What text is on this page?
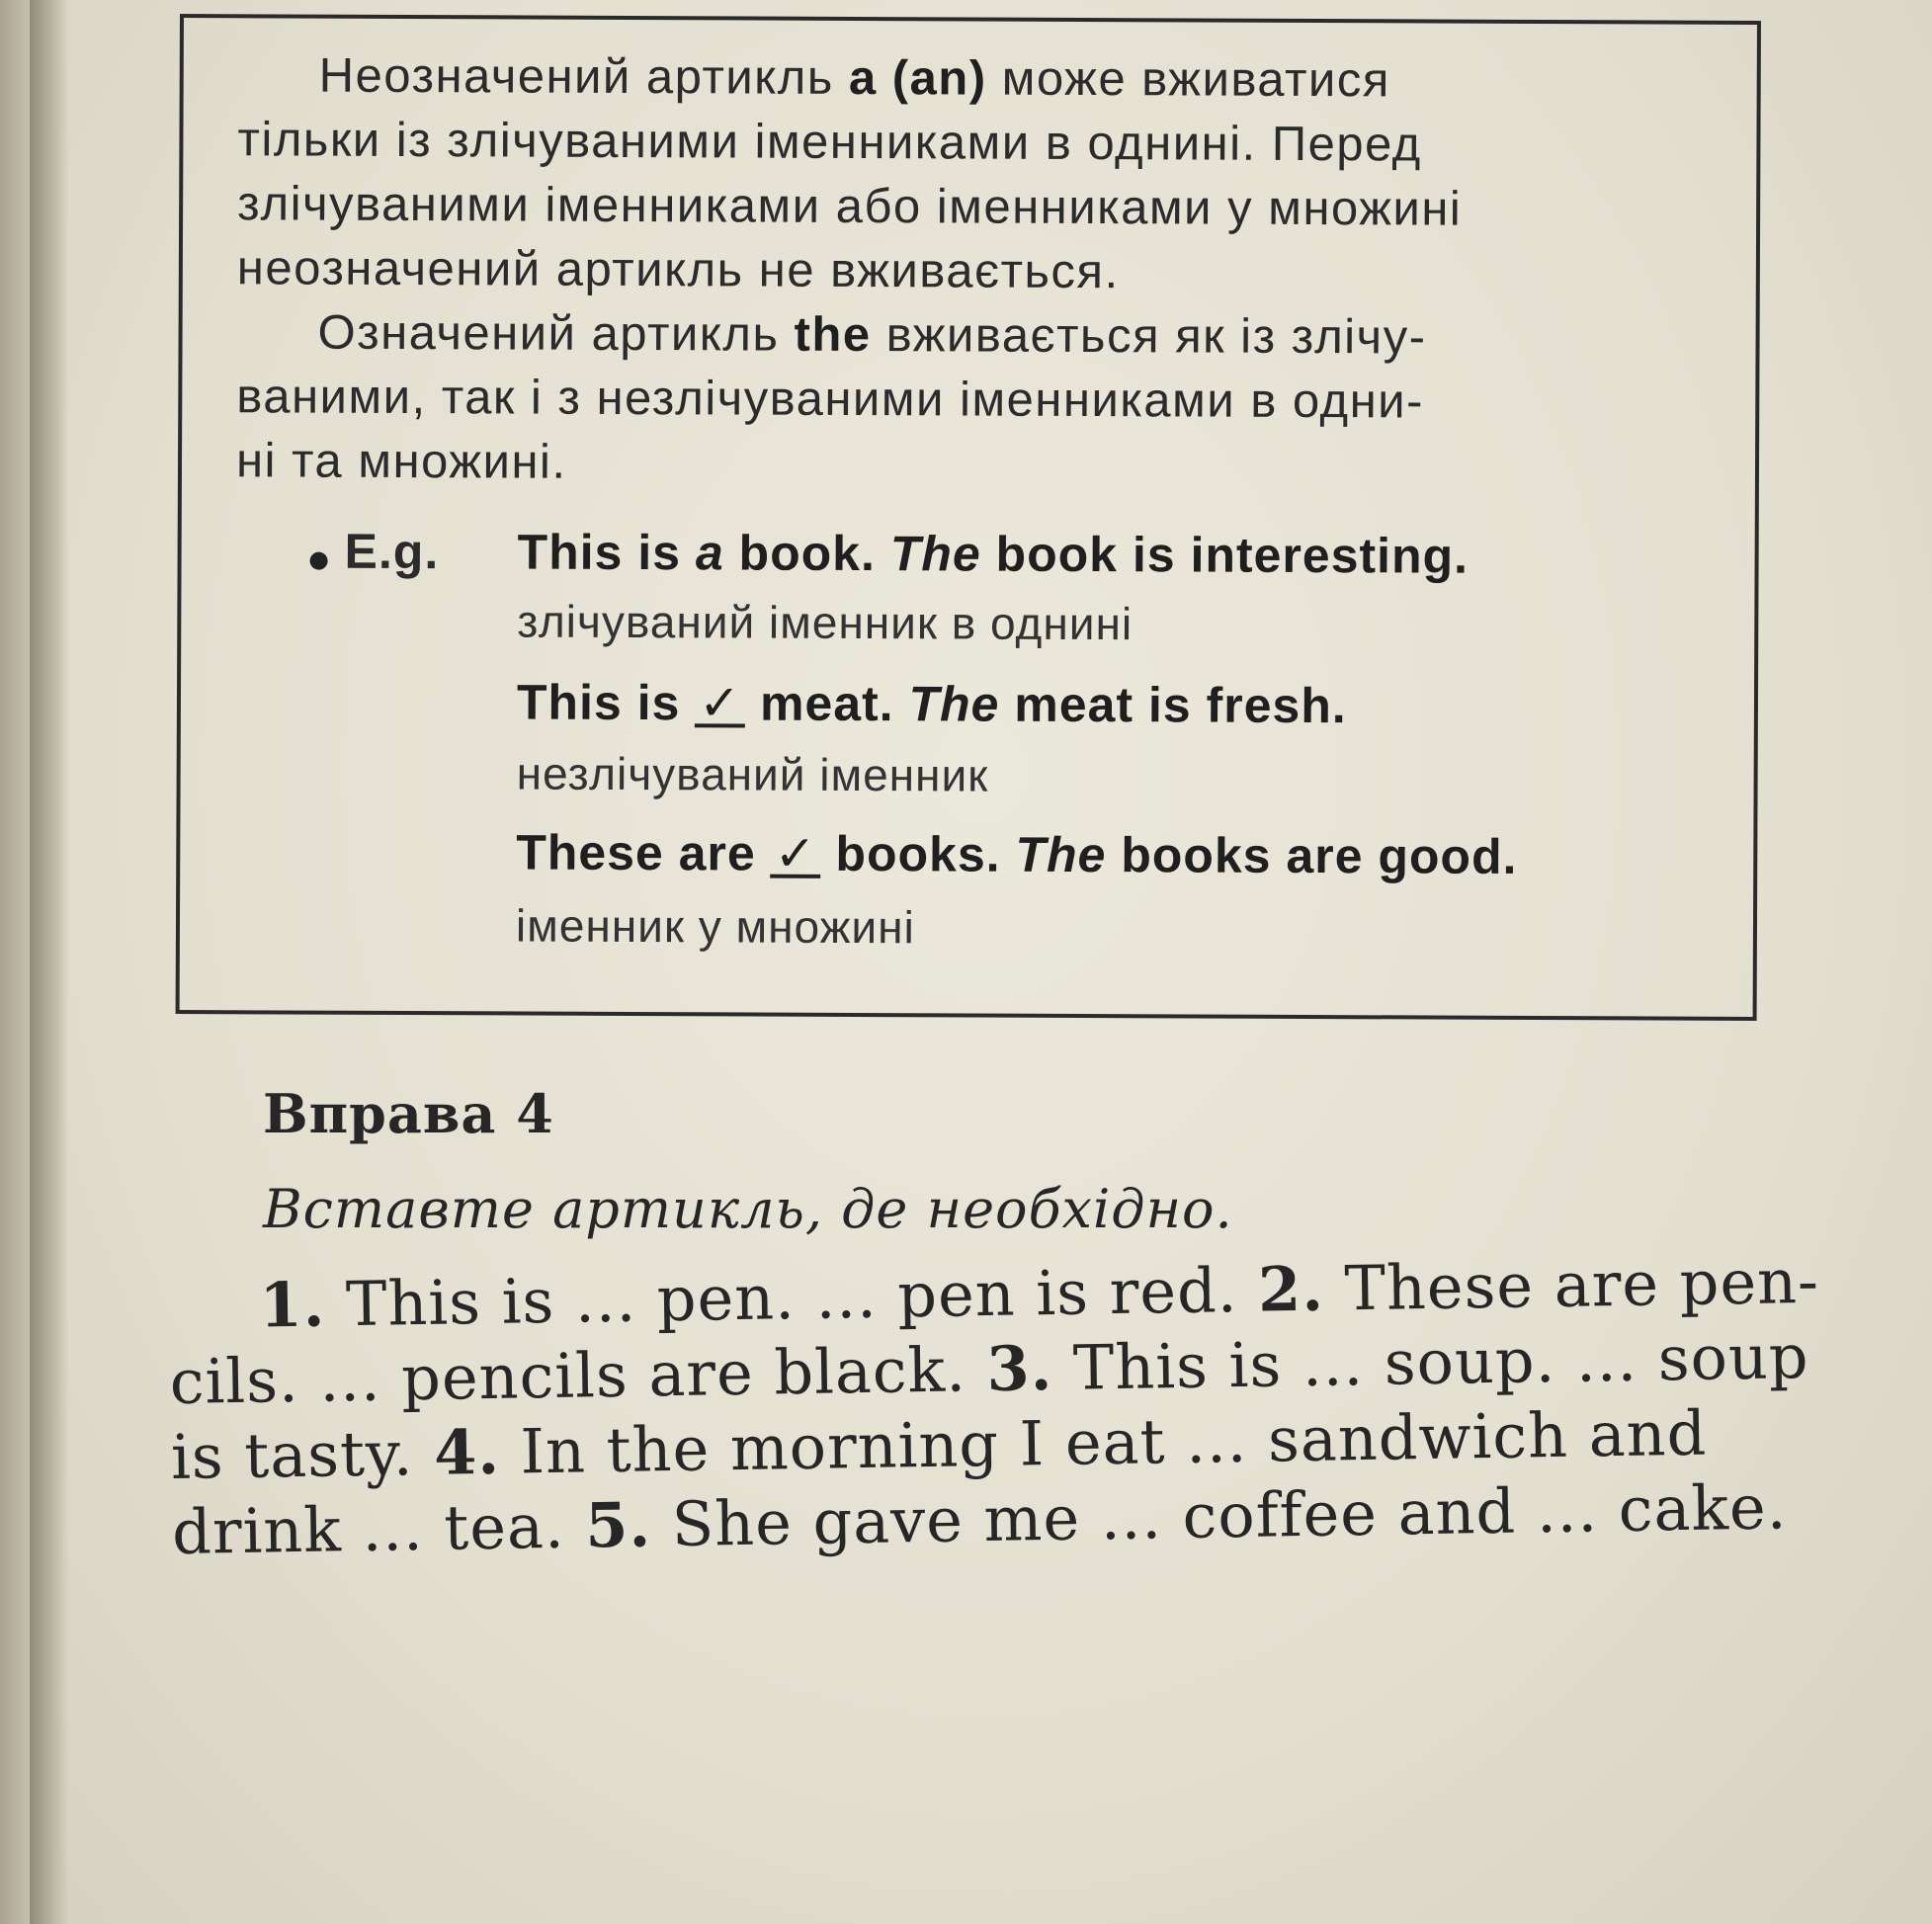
Неозначений артикль a (an) може вживатися
тільки із злічуваними іменниками в однині. Перед
злічуваними іменниками або іменниками у множині
неозначений артикль не вживається.

Означений артикль the вживається як із злічу-
ваними, так і з незлічуваними іменниками в одни-
ні та множині.

E.g. This is a book. The book is interesting.
злічуваний іменник в однині
This is ✓ meat. The meat is fresh.
незлічуваний іменник
These are ✓ books. The books are good.
іменник у множині
Вправа 4
Вставте артикль, де необхідно.
1. This is ... pen. ... pen is red. 2. These are pen-
cils. ... pencils are black. 3. This is ... soup. ... soup
is tasty. 4. In the morning I eat ... sandwich and
drink ... tea. 5. She gave me ... coffee and ... cake.
